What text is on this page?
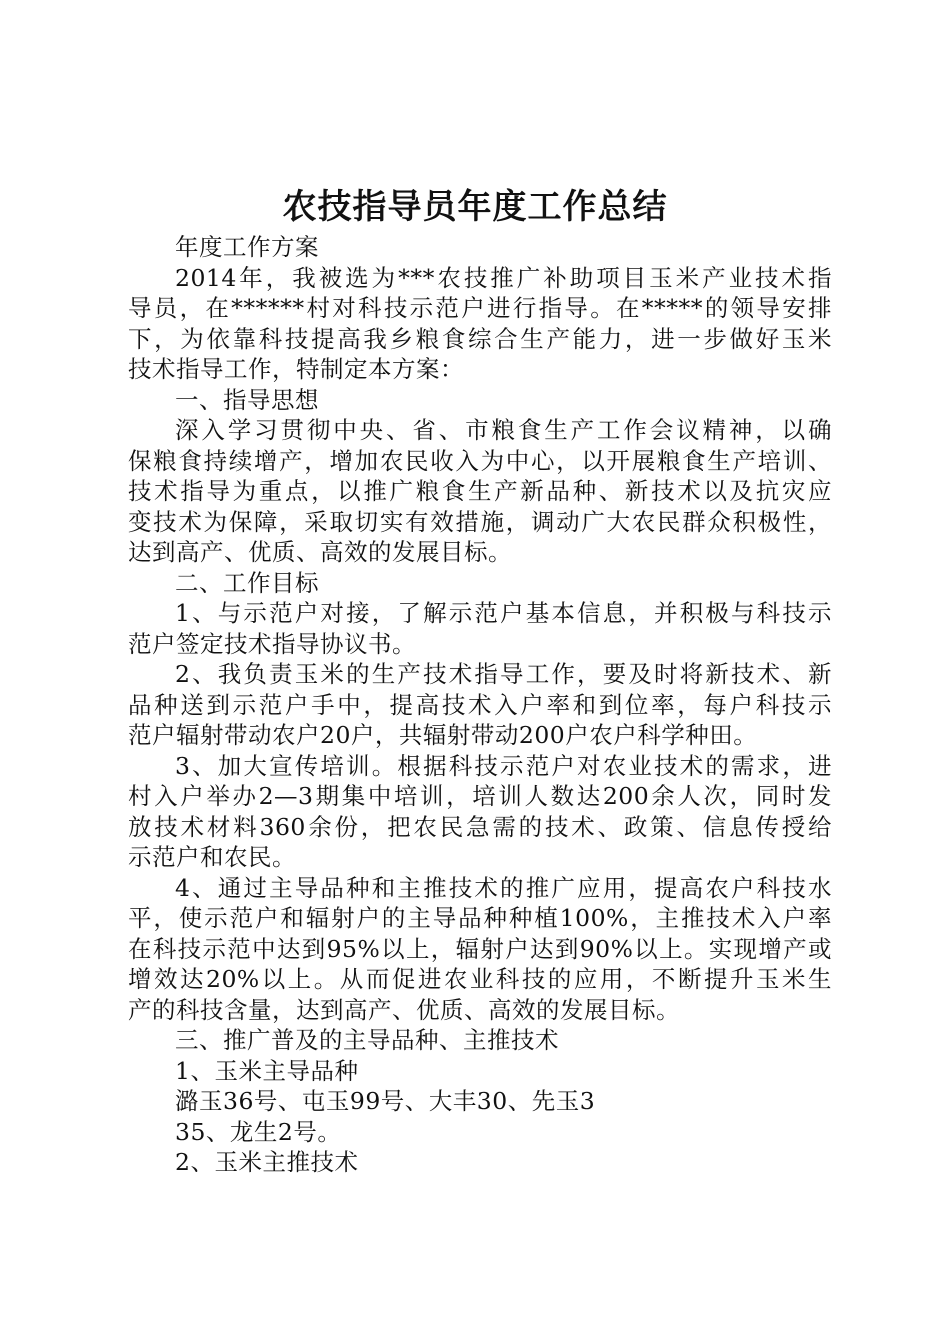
农技指导员年度工作总结

年度工作方案

2014年，我被选为***农技推广补助项目玉米产业技术指
导员，在******村对科技示范户进行指导。在*****的领导安排
下，为依靠科技提高我乡粮食综合生产能力，进一步做好玉米
技术指导工作，特制定本方案：

一、指导思想

深入学习贯彻中央、省、市粮食生产工作会议精神，以确
保粮食持续增产，增加农民收入为中心，以开展粮食生产培训、
技术指导为重点，以推广粮食生产新品种、新技术以及抗灾应
变技术为保障，采取切实有效措施，调动广大农民群众积极性，
达到高产、优质、高效的发展目标。

二、工作目标

1、与示范户对接，了解示范户基本信息，并积极与科技示
范户签定技术指导协议书。

2、我负责玉米的生产技术指导工作，要及时将新技术、新
品种送到示范户手中，提高技术入户率和到位率，每户科技示
范户辐射带动农户20户，共辐射带动200户农户科学种田。

3、加大宣传培训。根据科技示范户对农业技术的需求，进
村入户举办2—3期集中培训，培训人数达200余人次，同时发
放技术材料360余份，把农民急需的技术、政策、信息传授给
示范户和农民。

4、通过主导品种和主推技术的推广应用，提高农户科技水
平，使示范户和辐射户的主导品种种植100%，主推技术入户率
在科技示范中达到95%以上，辐射户达到90%以上。实现增产或
增效达20%以上。从而促进农业科技的应用，不断提升玉米生
产的科技含量，达到高产、优质、高效的发展目标。

三、推广普及的主导品种、主推技术

1、玉米主导品种

潞玉36号、屯玉99号、大丰30、先玉3

35、龙生2号。

2、玉米主推技术
